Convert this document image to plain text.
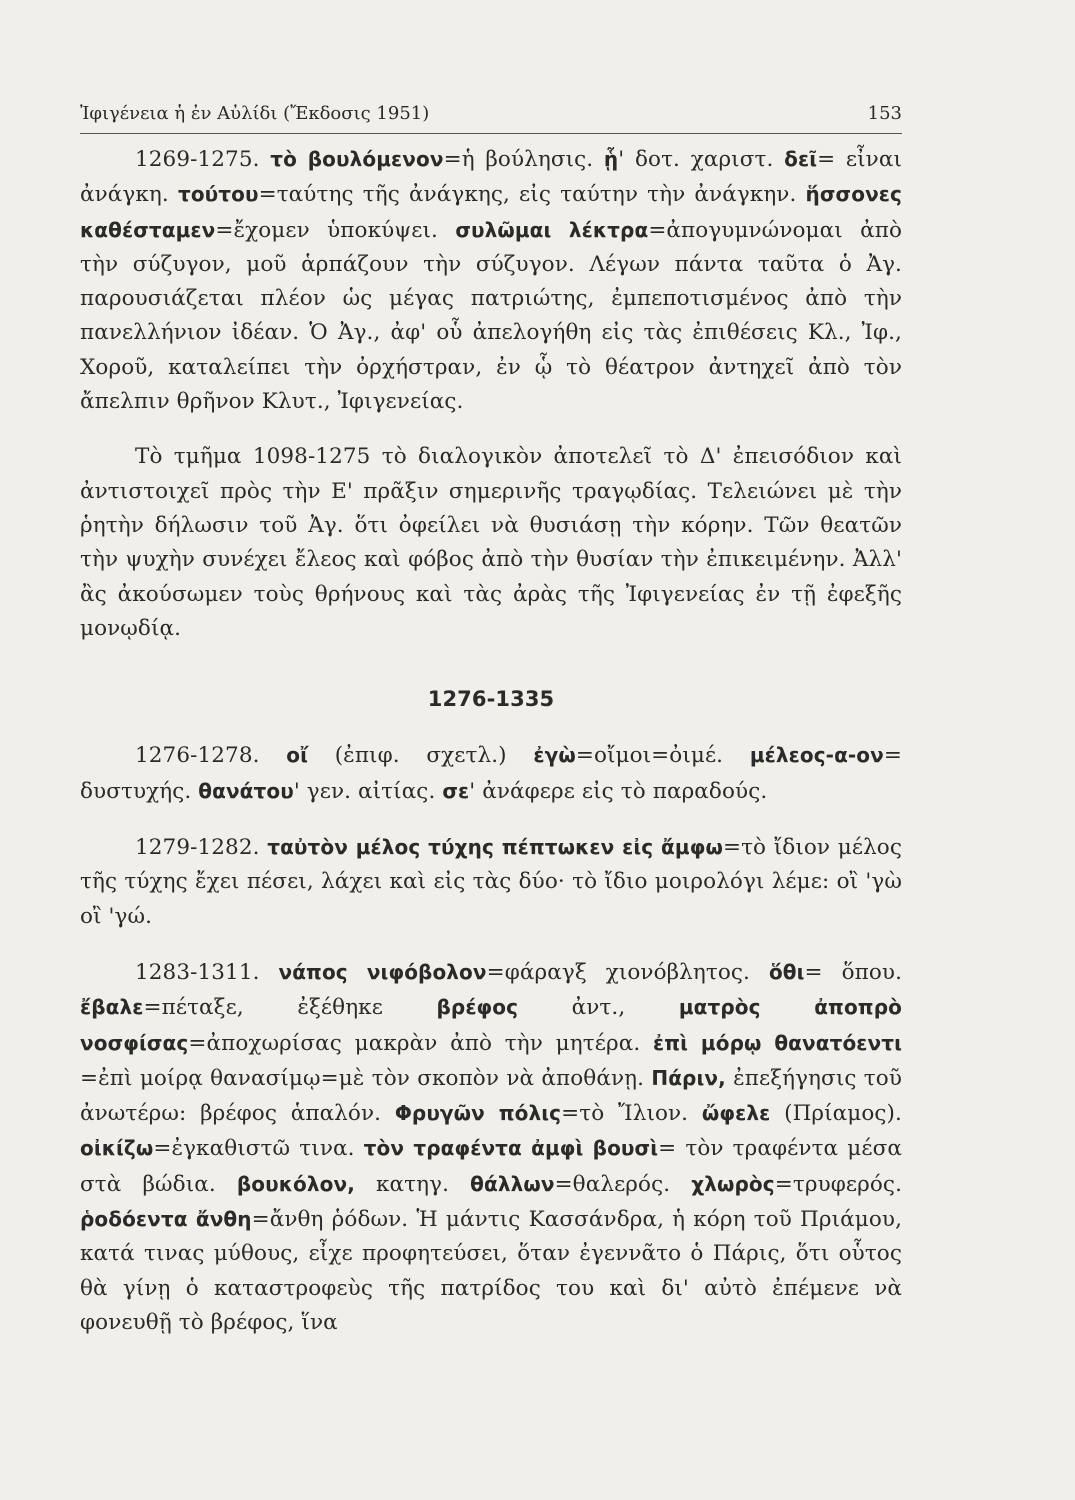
Ἰφιγένεια ἡ ἐν Αὐλίδι (Ἔκδοσις 1951)	153

1269-1275. τὸ βουλόμενον=ἡ βούλησις. ᾗ' δοτ. χαριστ. δεῖ= εἶναι ἀνάγκη. τούτου=ταύτης τῆς ἀνάγκης, εἰς ταύτην τὴν ἀνάγκην. ἥσσονες καθέσταμεν=ἔχομεν ὑποκύψει. συλῶμαι λέκτρα=ἀπογυμνώνομαι ἀπὸ τὴν σύζυγον, μοῦ ἁρπάζουν τὴν σύζυγον. Λέγων πάντα ταῦτα ὁ Ἀγ. παρουσιάζεται πλέον ὡς μέγας πατριώτης, ἐμπεποτισμένος ἀπὸ τὴν πανελλήνιον ἰδέαν. Ὁ Ἀγ., ἀφ' οὗ ἀπελογήθη εἰς τὰς ἐπιθέσεις Κλ., Ἰφ., Χοροῦ, καταλείπει τὴν ὀρχήστραν, ἐν ᾧ τὸ θέατρον ἀντηχεῖ ἀπὸ τὸν ἄπελπιν θρῆνον Κλυτ., Ἰφιγενείας.

Τὸ τμῆμα 1098-1275 τὸ διαλογικὸν ἀποτελεῖ τὸ Δ' ἐπεισόδιον καὶ ἀντιστοιχεῖ πρὸς τὴν Ε' πρᾶξιν σημερινῆς τραγῳδίας. Τελειώνει μὲ τὴν ῥητὴν δήλωσιν τοῦ Ἀγ. ὅτι ὀφείλει νὰ θυσιάσῃ τὴν κόρην. Τῶν θεατῶν τὴν ψυχὴν συνέχει ἔλεος καὶ φόβος ἀπὸ τὴν θυσίαν τὴν ἐπικειμένην. Ἀλλ' ἂς ἀκούσωμεν τοὺς θρήνους καὶ τὰς ἀρὰς τῆς Ἰφιγενείας ἐν τῇ ἐφεξῆς μονῳδίᾳ.

1276-1335

1276-1278. οἴ (ἐπιφ. σχετλ.) ἐγὼ=οἴμοι=ὀιμέ. μέλεος-α-ον= δυστυχής. θανάτου' γεν. αἰτίας. σε' ἀνάφερε εἰς τὸ παραδούς.

1279-1282. ταὐτὸν μέλος τύχης πέπτωκεν εἰς ἄμφω=τὸ ἴδιον μέλος τῆς τύχης ἔχει πέσει, λάχει καὶ εἰς τὰς δύο· τὸ ἴδιο μοιρολόγι λέμε: οἲ 'γὼ οἲ 'γώ.

1283-1311. νάπος νιφόβολον=φάραγξ χιονόβλητος. ὅθι= ὅπου. ἔβαλε=πέταξε, ἐξέθηκε βρέφος ἀντ., ματρὸς ἀποπρὸ νοσφίσας=ἀποχωρίσας μακρὰν ἀπὸ τὴν μητέρα. ἐπὶ μόρῳ θανατόεντι =ἐπὶ μοίρᾳ θανασίμῳ=μὲ τὸν σκοπὸν νὰ ἀποθάνῃ. Πάριν, ἐπεξήγησις τοῦ ἀνωτέρω: βρέφος ἁπαλόν. Φρυγῶν πόλις=τὸ Ἴλιον. ὤφελε (Πρίαμος). οἰκίζω=ἐγκαθιστῶ τινα. τὸν τραφέντα ἀμφὶ βουσὶ= τὸν τραφέντα μέσα στὰ βώδια. βουκόλον, κατηγ. θάλλων=θαλερός. χλωρὸς=τρυφερός. ῥοδόεντα ἄνθη=ἄνθη ῥόδων. Ἡ μάντις Κασσάνδρα, ἡ κόρη τοῦ Πριάμου, κατά τινας μύθους, εἶχε προφητεύσει, ὅταν ἐγεννᾶτο ὁ Πάρις, ὅτι οὗτος θὰ γίνῃ ὁ καταστροφεὺς τῆς πατρίδος του καὶ δι' αὐτὸ ἐπέμενε νὰ φονευθῇ τὸ βρέφος, ἵνα
